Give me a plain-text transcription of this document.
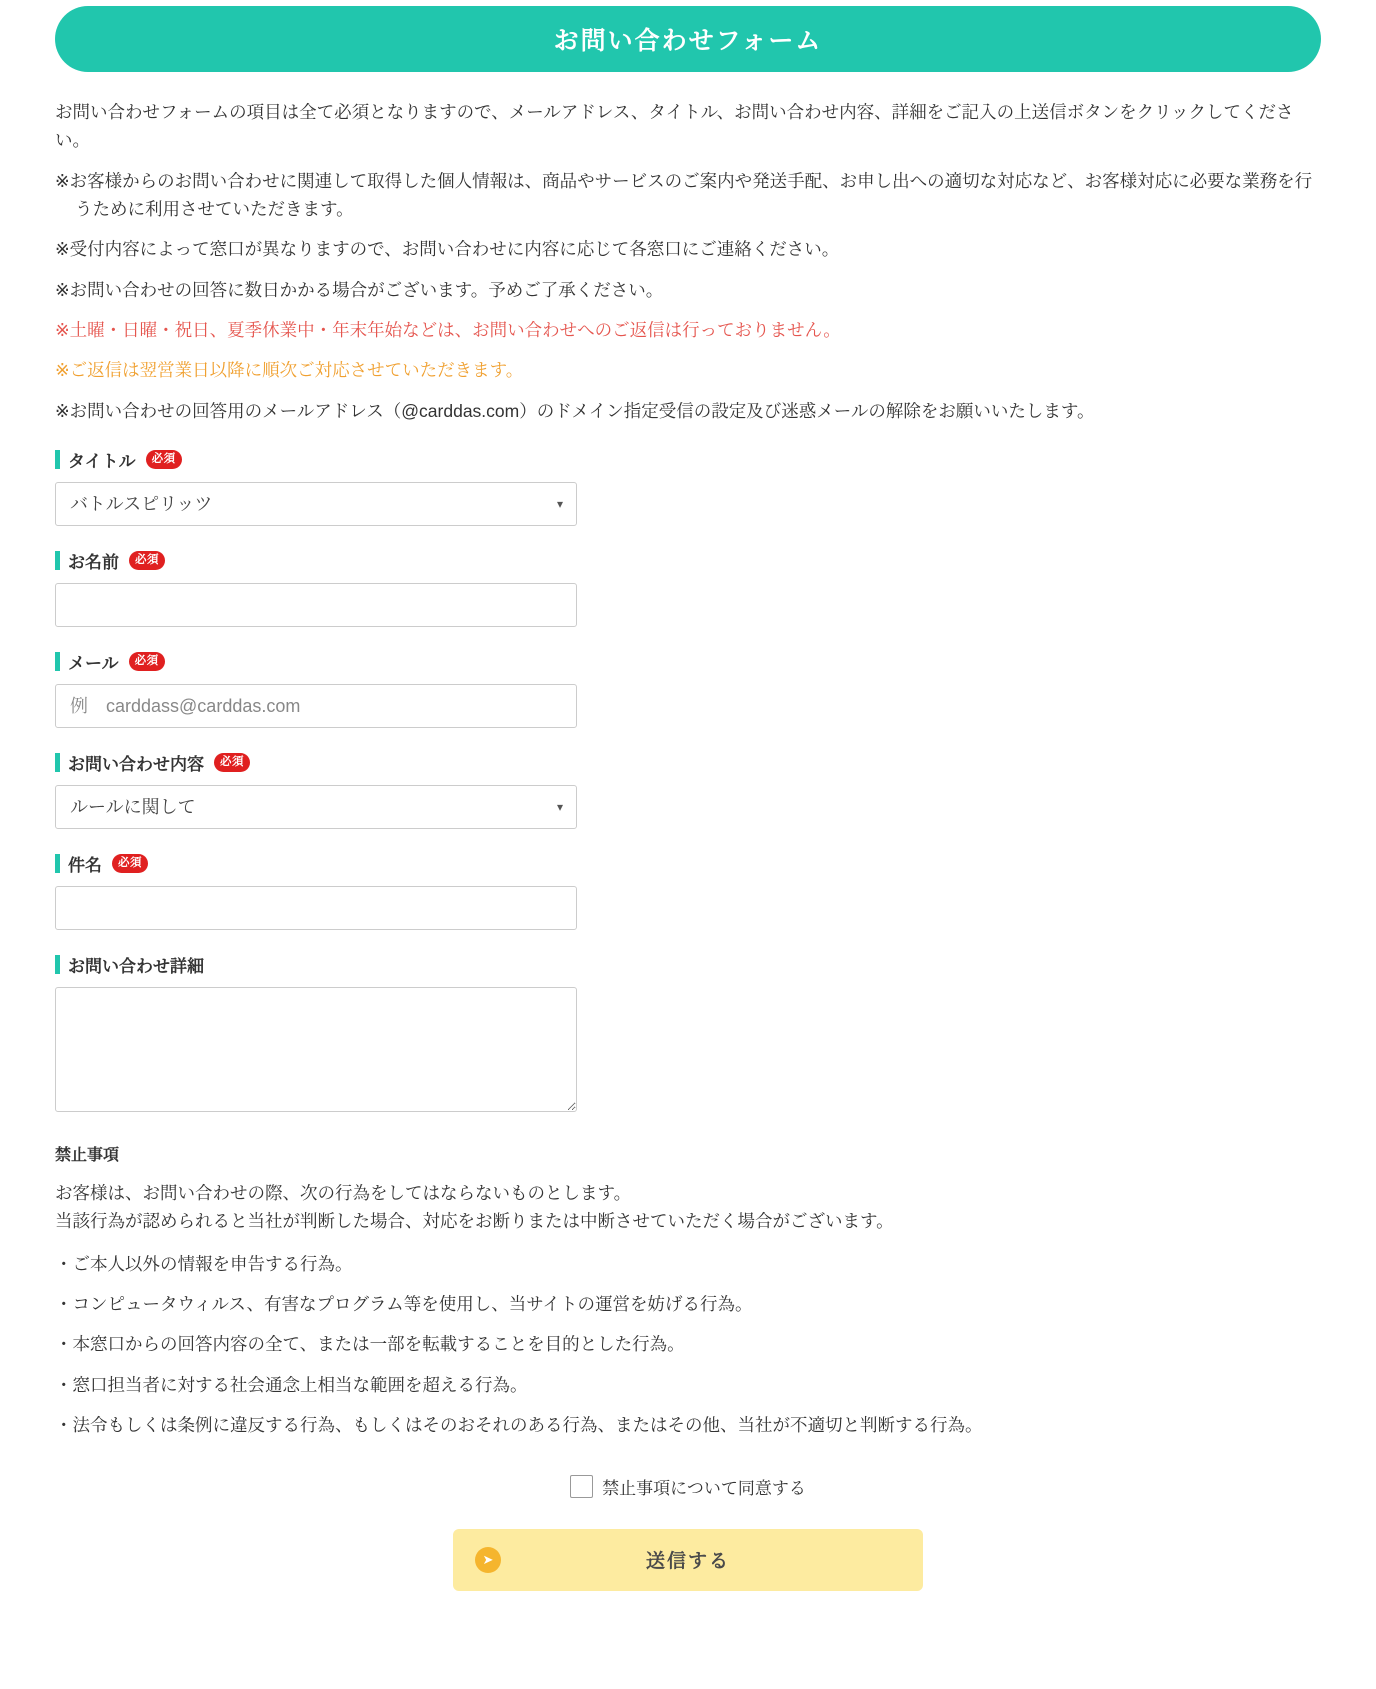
お問い合わせフォーム

お問い合わせフォームの項目は全て必須となりますので、メールアドレス、タイトル、お問い合わせ内容、詳細をご記入の上送信ボタンをクリックしてください。

※お客様からのお問い合わせに関連して取得した個人情報は、商品やサービスのご案内や発送手配、お申し出への適切な対応など、お客様対応に必要な業務を行うために利用させていただきます。

※受付内容によって窓口が異なりますので、お問い合わせに内容に応じて各窓口にご連絡ください。

※お問い合わせの回答に数日かかる場合がございます。予めご了承ください。

※土曜・日曜・祝日、夏季休業中・年末年始などは、お問い合わせへのご返信は行っておりません。

※ご返信は翌営業日以降に順次ご対応させていただきます。

※お問い合わせの回答用のメールアドレス（@carddas.com）のドメイン指定受信の設定及び迷惑メールの解除をお願いいたします。

タイトル	必須
バトルスピリッツ
▾
お名前	必須
メール	必須
例　carddass@carddas.com
お問い合わせ内容	必須
ルールに関して
▾
件名	必須
お問い合わせ詳細
禁止事項

お客様は、お問い合わせの際、次の行為をしてはならないものとします。

当該行為が認められると当社が判断した場合、対応をお断りまたは中断させていただく場合がございます。

・ご本人以外の情報を申告する行為。
・コンピュータウィルス、有害なプログラム等を使用し、当サイトの運営を妨げる行為。
・本窓口からの回答内容の全て、または一部を転載することを目的とした行為。
・窓口担当者に対する社会通念上相当な範囲を超える行為。
・法令もしくは条例に違反する行為、もしくはそのおそれのある行為、またはその他、当社が不適切と判断する行為。
禁止事項について同意する
➤	送信する
